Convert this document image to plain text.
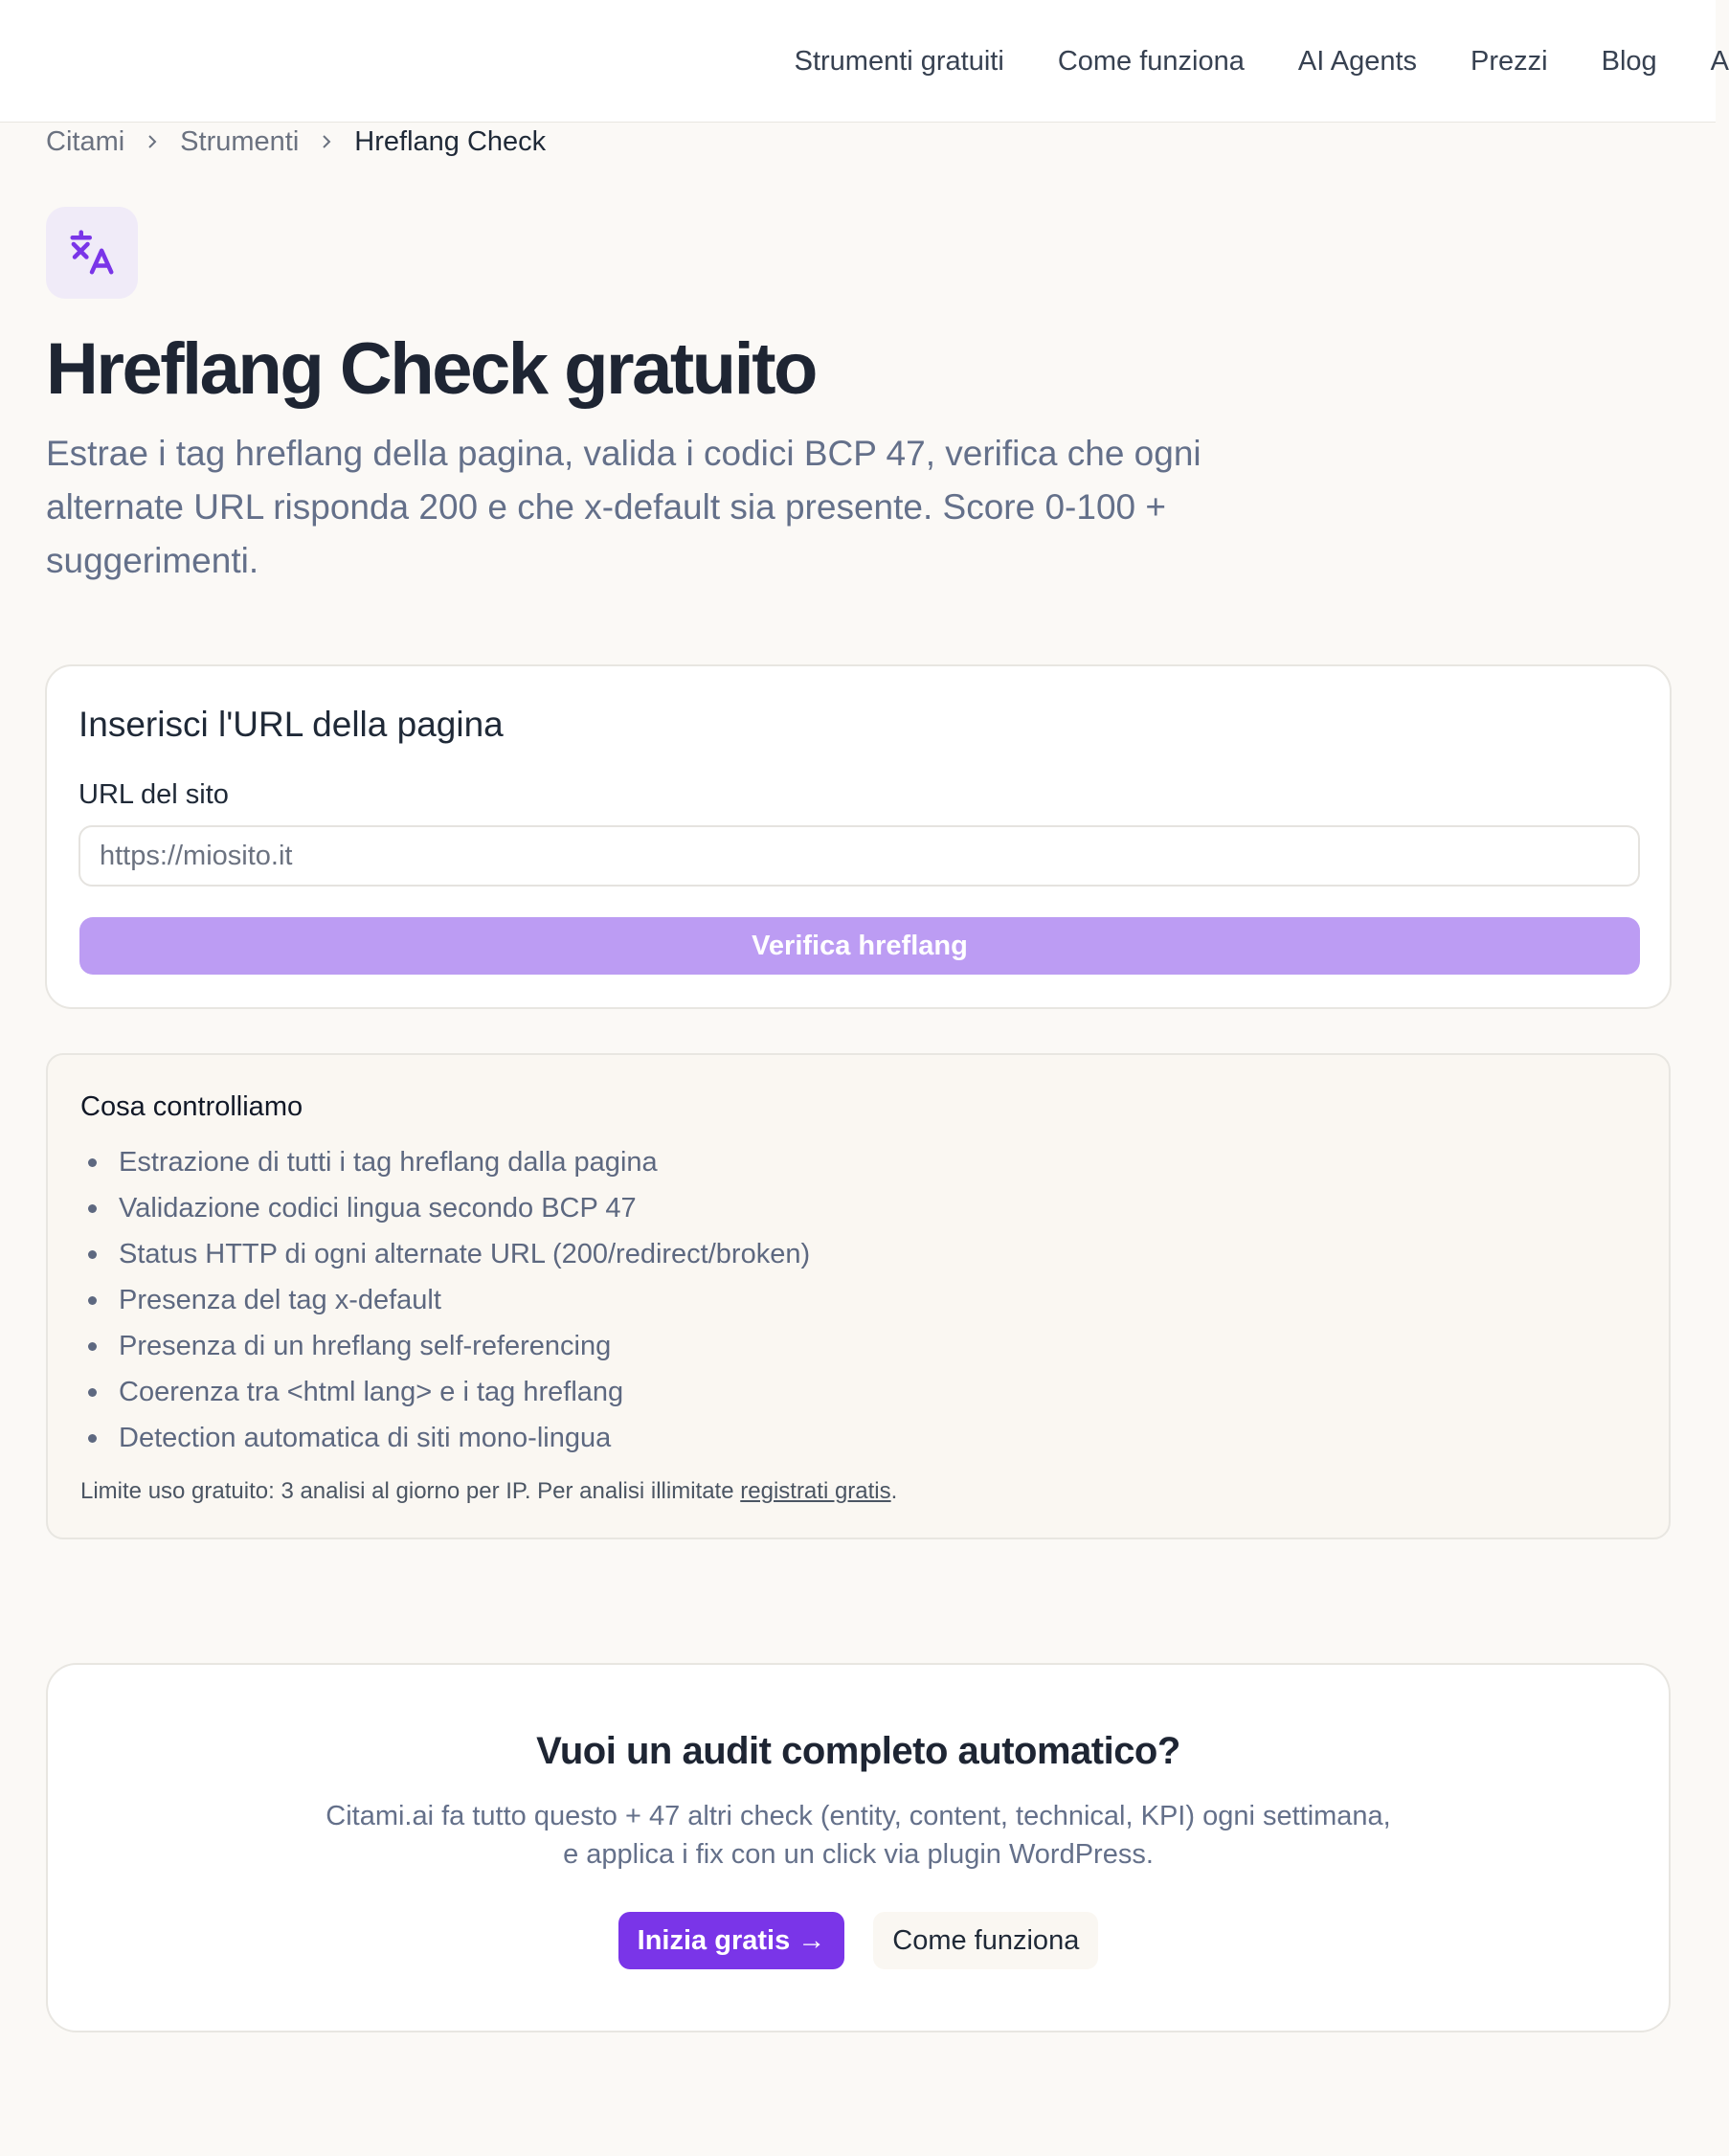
Strumenti gratuiti Come funziona AI Agents Prezzi Blog A
Citami Strumenti Hreflang Check
Hreflang Check gratuito

Estrae i tag hreflang della pagina, valida i codici BCP 47, verifica che ogni alternate URL risponda 200 e che x-default sia presente. Score 0-100 + suggerimenti.

Inserisci l'URL della pagina
URL del sito
https://miosito.it
Verifica hreflang
Cosa controlliamo
Estrazione di tutti i tag hreflang dalla pagina
Validazione codici lingua secondo BCP 47
Status HTTP di ogni alternate URL (200/redirect/broken)
Presenza del tag x-default
Presenza di un hreflang self-referencing
Coerenza tra <html lang> e i tag hreflang
Detection automatica di siti mono-lingua

Limite uso gratuito: 3 analisi al giorno per IP. Per analisi illimitate registrati gratis.

Vuoi un audit completo automatico?

Citami.ai fa tutto questo + 47 altri check (entity, content, technical, KPI) ogni settimana,
e applica i fix con un click via plugin WordPress.

Inizia gratis →	Come funziona
